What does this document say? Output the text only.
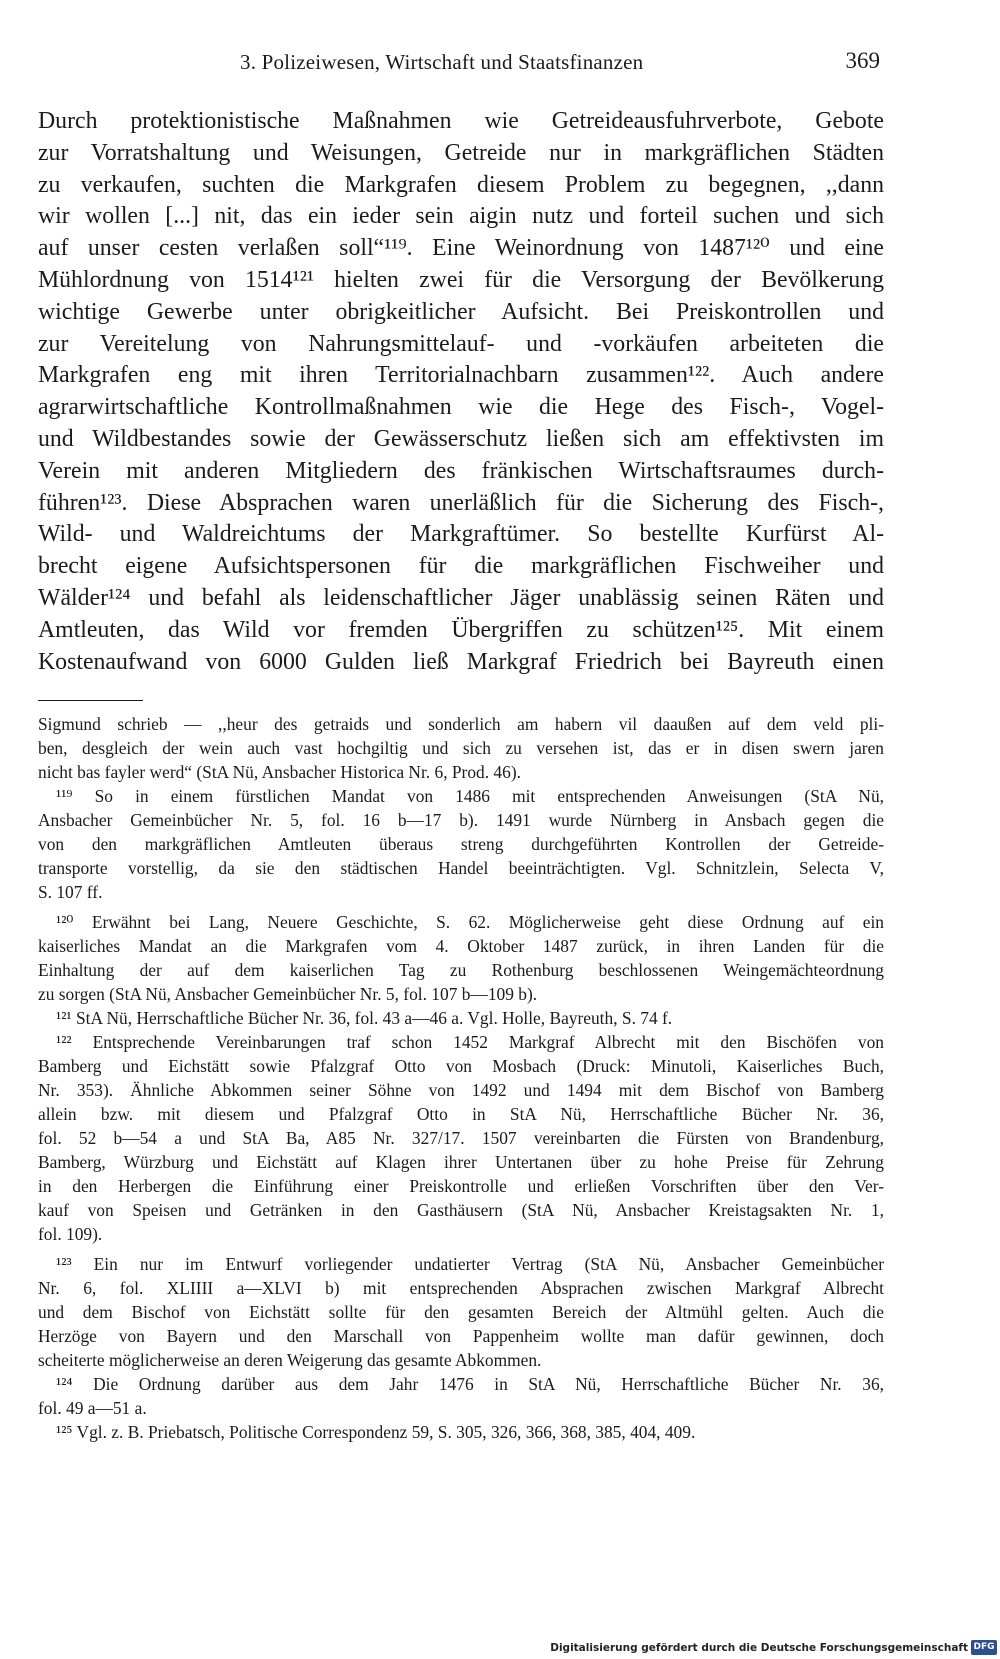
3. Polizeiwesen, Wirtschaft und Staatsfinanzen	369
Durch protektionistische Maßnahmen wie Getreideausfuhrverbote, Gebote
zur Vorratshaltung und Weisungen, Getreide nur in markgräflichen Städten
zu verkaufen, suchten die Markgrafen diesem Problem zu begegnen, ,,dann
wir wollen [...] nit, das ein ieder sein aigin nutz und forteil suchen und sich
auf unser cesten verlaßen soll“¹¹⁹. Eine Weinordnung von 1487¹²⁰ und eine
Mühlordnung von 1514¹²¹ hielten zwei für die Versorgung der Bevölkerung
wichtige Gewerbe unter obrigkeitlicher Aufsicht. Bei Preiskontrollen und
zur Vereitelung von Nahrungsmittelauf- und -vorkäufen arbeiteten die
Markgrafen eng mit ihren Territorialnachbarn zusammen¹²². Auch andere
agrarwirtschaftliche Kontrollmaßnahmen wie die Hege des Fisch-, Vogel-
und Wildbestandes sowie der Gewässerschutz ließen sich am effektivsten im
Verein mit anderen Mitgliedern des fränkischen Wirtschaftsraumes durch-
führen¹²³. Diese Absprachen waren unerläßlich für die Sicherung des Fisch-,
Wild- und Waldreichtums der Markgraftümer. So bestellte Kurfürst Al-
brecht eigene Aufsichtspersonen für die markgräflichen Fischweiher und
Wälder¹²⁴ und befahl als leidenschaftlicher Jäger unablässig seinen Räten und
Amtleuten, das Wild vor fremden Übergriffen zu schützen¹²⁵. Mit einem
Kostenaufwand von 6000 Gulden ließ Markgraf Friedrich bei Bayreuth einen
Sigmund schrieb — ,,heur des getraids und sonderlich am habern vil daaußen auf dem veld pli-
ben, desgleich der wein auch vast hochgiltig und sich zu versehen ist, das er in disen swern jaren
nicht bas fayler werd“ (StA Nü, Ansbacher Historica Nr. 6, Prod. 46).
¹¹⁹ So in einem fürstlichen Mandat von 1486 mit entsprechenden Anweisungen (StA Nü,
Ansbacher Gemeinbücher Nr. 5, fol. 16 b—17 b). 1491 wurde Nürnberg in Ansbach gegen die
von den markgräflichen Amtleuten überaus streng durchgeführten Kontrollen der Getreide-
transporte vorstellig, da sie den städtischen Handel beeinträchtigten. Vgl. Schnitzlein, Selecta V,
S. 107 ff.
¹²⁰ Erwähnt bei Lang, Neuere Geschichte, S. 62. Möglicherweise geht diese Ordnung auf ein
kaiserliches Mandat an die Markgrafen vom 4. Oktober 1487 zurück, in ihren Landen für die
Einhaltung der auf dem kaiserlichen Tag zu Rothenburg beschlossenen Weingemächteordnung
zu sorgen (StA Nü, Ansbacher Gemeinbücher Nr. 5, fol. 107 b—109 b).
¹²¹ StA Nü, Herrschaftliche Bücher Nr. 36, fol. 43 a—46 a. Vgl. Holle, Bayreuth, S. 74 f.
¹²² Entsprechende Vereinbarungen traf schon 1452 Markgraf Albrecht mit den Bischöfen von
Bamberg und Eichstätt sowie Pfalzgraf Otto von Mosbach (Druck: Minutoli, Kaiserliches Buch,
Nr. 353). Ähnliche Abkommen seiner Söhne von 1492 und 1494 mit dem Bischof von Bamberg
allein bzw. mit diesem und Pfalzgraf Otto in StA Nü, Herrschaftliche Bücher Nr. 36,
fol. 52 b—54 a und StA Ba, A85 Nr. 327/17. 1507 vereinbarten die Fürsten von Brandenburg,
Bamberg, Würzburg und Eichstätt auf Klagen ihrer Untertanen über zu hohe Preise für Zehrung
in den Herbergen die Einführung einer Preiskontrolle und erließen Vorschriften über den Ver-
kauf von Speisen und Getränken in den Gasthäusern (StA Nü, Ansbacher Kreistagsakten Nr. 1,
fol. 109).
¹²³ Ein nur im Entwurf vorliegender undatierter Vertrag (StA Nü, Ansbacher Gemeinbücher
Nr. 6, fol. XLIIII a—XLVI b) mit entsprechenden Absprachen zwischen Markgraf Albrecht
und dem Bischof von Eichstätt sollte für den gesamten Bereich der Altmühl gelten. Auch die
Herzöge von Bayern und den Marschall von Pappenheim wollte man dafür gewinnen, doch
scheiterte möglicherweise an deren Weigerung das gesamte Abkommen.
¹²⁴ Die Ordnung darüber aus dem Jahr 1476 in StA Nü, Herrschaftliche Bücher Nr. 36,
fol. 49 a—51 a.
¹²⁵ Vgl. z. B. Priebatsch, Politische Correspondenz 59, S. 305, 326, 366, 368, 385, 404, 409.
Digitalisierung gefördert durch die Deutsche Forschungsgemeinschaft DFG
